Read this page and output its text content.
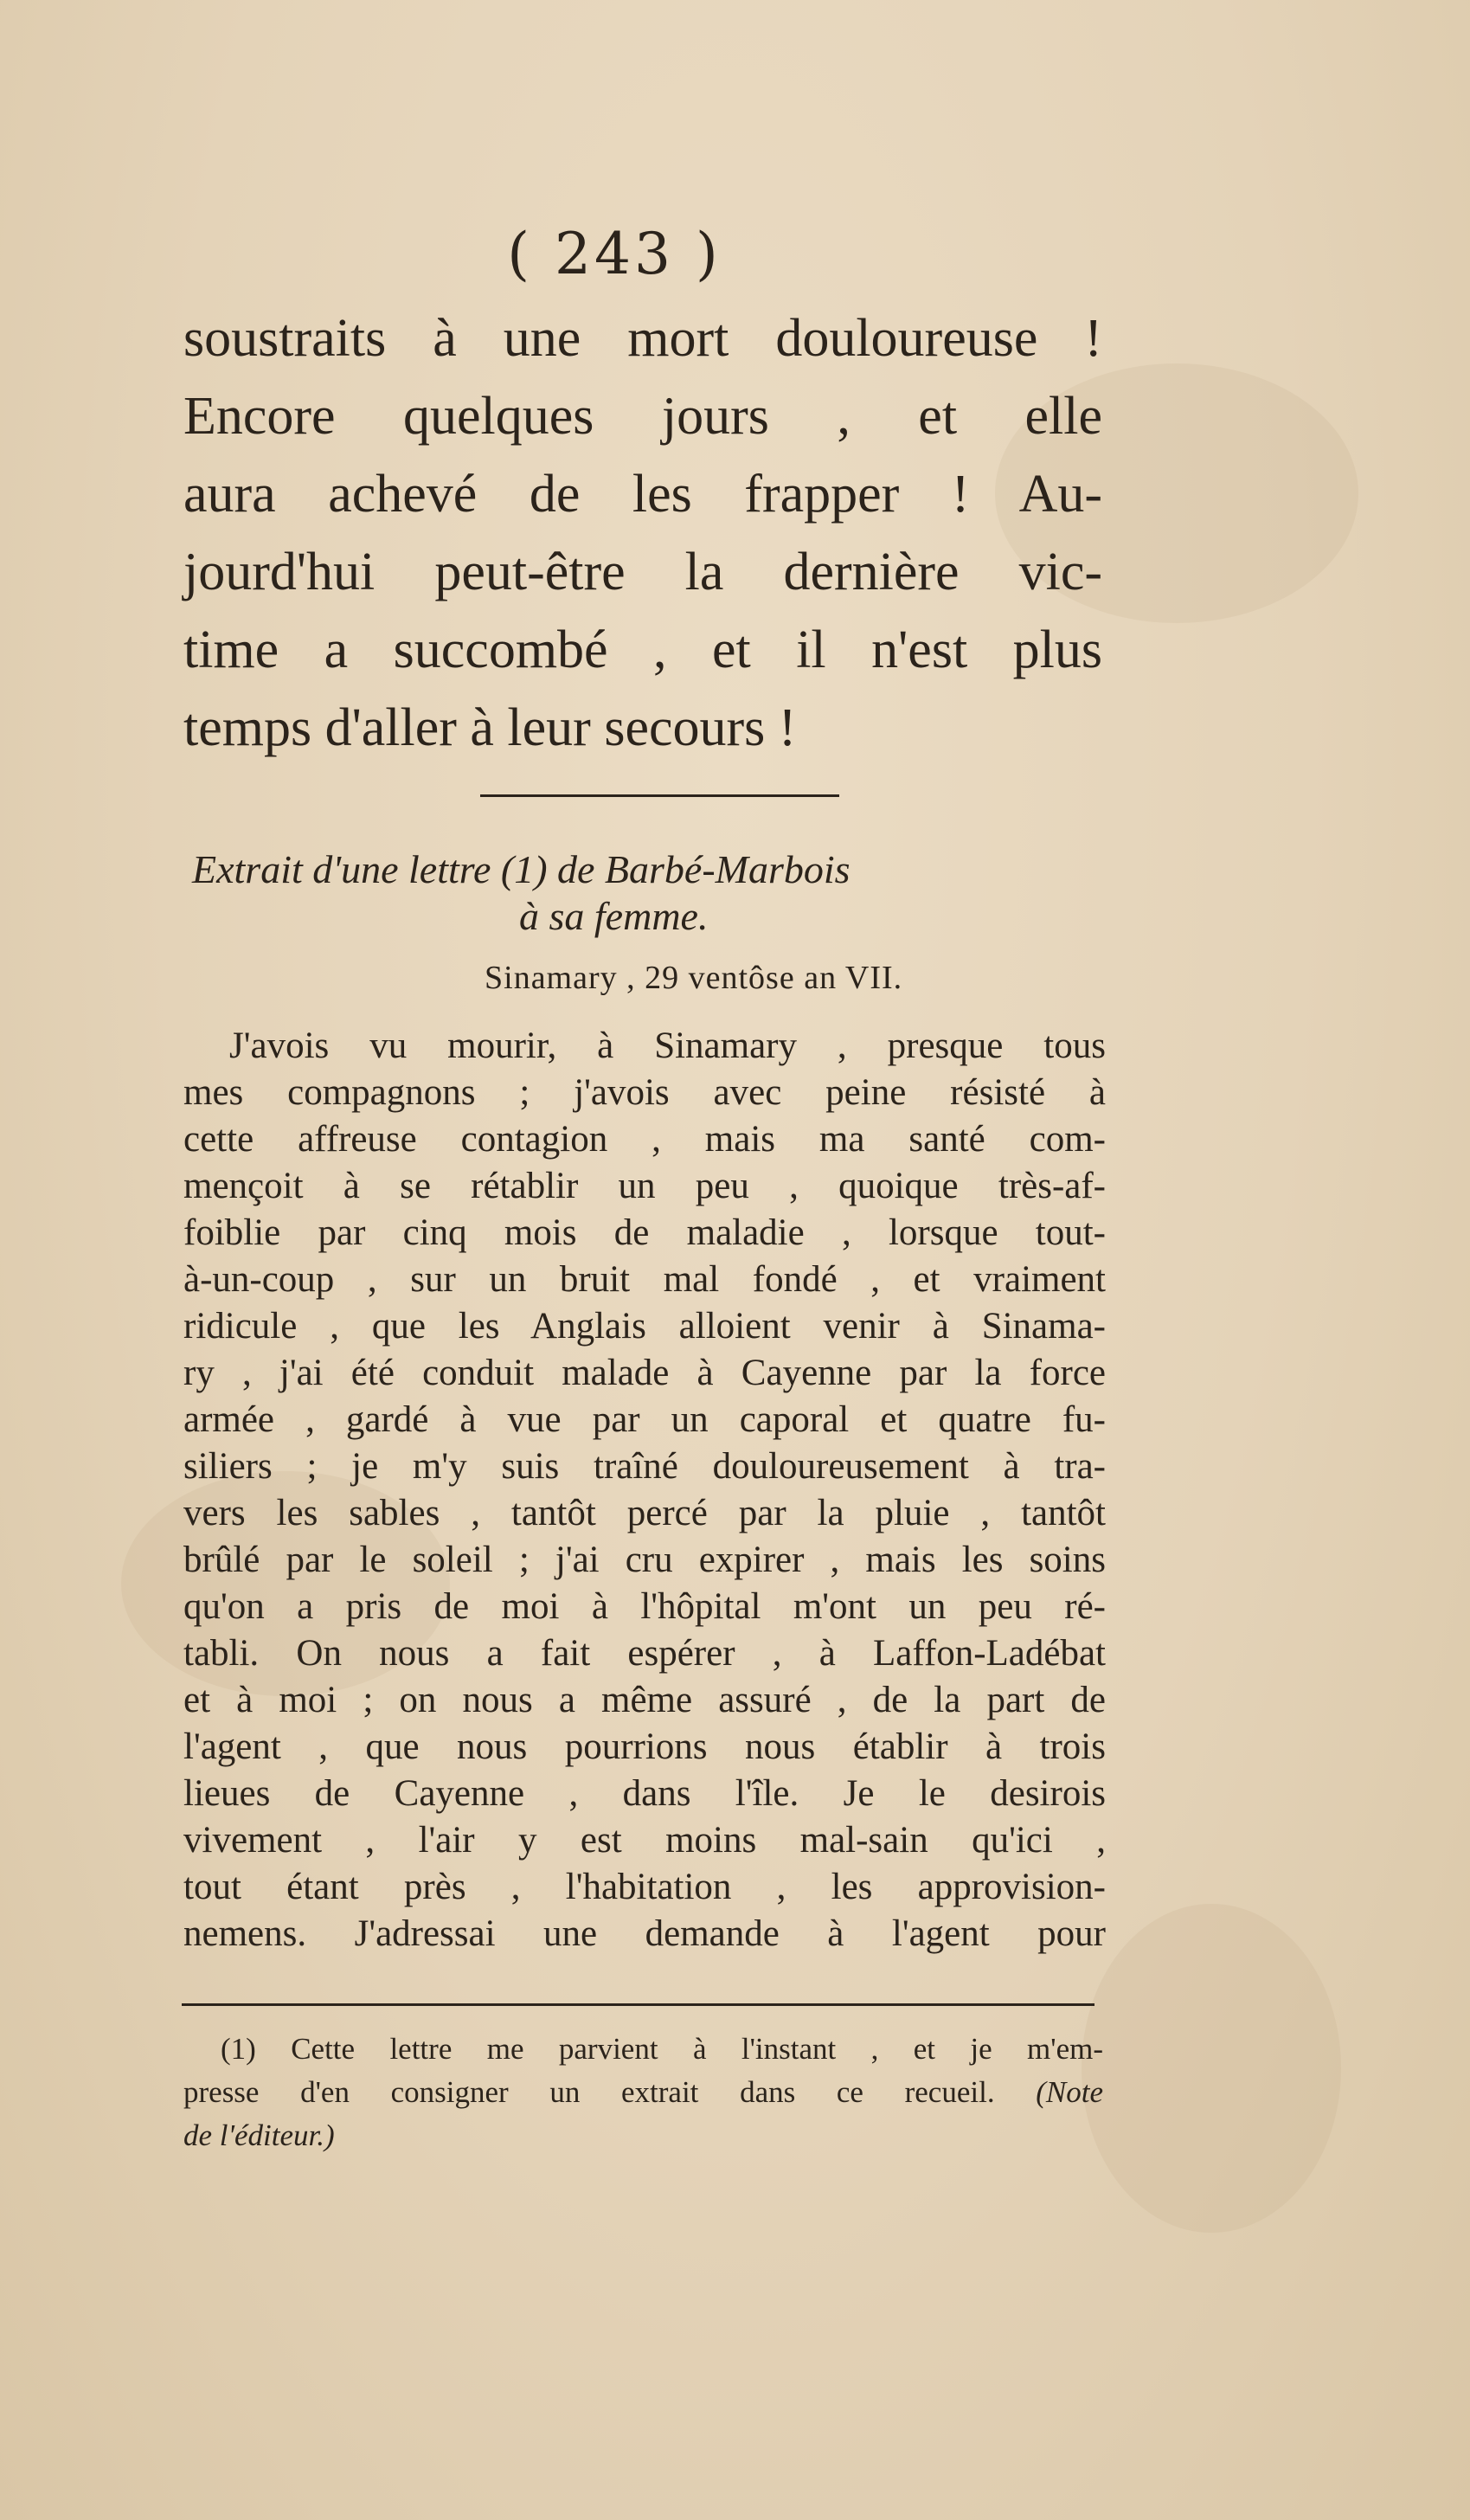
( 243 )
soustraits à une mort douloureuse !
Encore quelques jours , et elle
aura achevé de les frapper ! Au-
jourd'hui peut-être la dernière vic-
time a succombé , et il n'est plus
temps d'aller à leur secours !
Extrait d'une lettre (1) de Barbé-Marbois
à sa femme.
Sinamary , 29 ventôse an VII.
J'avois vu mourir, à Sinamary , presque tous
mes compagnons ; j'avois avec peine résisté à
cette affreuse contagion , mais ma santé com-
mençoit à se rétablir un peu , quoique très-af-
foiblie par cinq mois de maladie , lorsque tout-
à-un-coup , sur un bruit mal fondé , et vraiment
ridicule , que les Anglais alloient venir à Sinama-
ry , j'ai été conduit malade à Cayenne par la force
armée , gardé à vue par un caporal et quatre fu-
siliers ; je m'y suis traîné douloureusement à tra-
vers les sables , tantôt percé par la pluie , tantôt
brûlé par le soleil ; j'ai cru expirer , mais les soins
qu'on a pris de moi à l'hôpital m'ont un peu ré-
tabli. On nous a fait espérer , à Laffon-Ladébat
et à moi ; on nous a même assuré , de la part de
l'agent , que nous pourrions nous établir à trois
lieues de Cayenne , dans l'île. Je le desirois
vivement , l'air y est moins mal-sain qu'ici ,
tout étant près , l'habitation , les approvision-
nemens. J'adressai une demande à l'agent pour
(1) Cette lettre me parvient à l'instant , et je m'em-
presse d'en consigner un extrait dans ce recueil. (Note
de l'éditeur.)
